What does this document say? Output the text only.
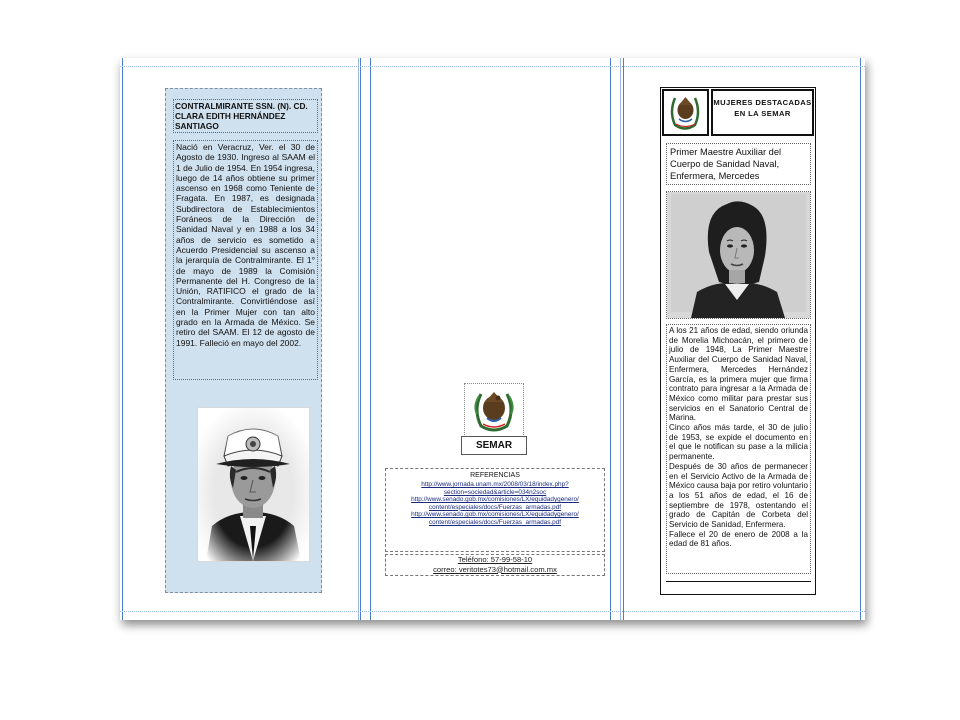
CONTRALMIRANTE SSN. (N). CD. CLARA EDITH HERNÁNDEZ SANTIAGO
Nació en Veracruz, Ver. el 30 de Agosto de 1930. Ingreso al SAAM el 1 de Julio de 1954. En 1954 ingresa, luego de 14 años obtiene su primer ascenso en 1968 como Teniente de Fragata. En 1987, es designada Subdirectora de Establecimientos Foráneos de la Dirección de Sanidad Naval y en 1988 a los 34 años de servicio es sometido a Acuerdo Presidencial su ascenso a la jerarquía de Contralmirante. El 1° de mayo de 1989 la Comisión Permanente del H. Congreso de la Unión, RATIFICO el grado de la Contralmirante. Convirtiéndose así en la Primer Mujer con tan alto grado en la Armada de México. Se retiro del SAAM. El 12 de agosto de 1991. Falleció en mayo del 2002.
SEMAR
REFERENCIAS
http://www.jornada.unam.mx/2008/03/18/index.php?
section=sociedad&article=034n2soc
http://www.senado.gob.mx/comisiones/LX/equidadygenero/
content/especiales/docs/Fuerzas_armadas.pdf
http://www.senado.gob.mx/comisiones/LX/equidadygenero/
content/especiales/docs/Fuerzas_armadas.pdf
Teléfono: 57-99-58-10
correo: veritotes73@hotmail.com.mx
MUJERES DESTACADAS EN LA SEMAR
Primer Maestre Auxiliar del Cuerpo de Sanidad Naval, Enfermera, Mercedes

A los 21 años de edad, siendo oriunda de Morelia Michoacán, el primero de julio de 1948, La Primer Maestre Auxiliar del Cuerpo de Sanidad Naval, Enfermera, Mercedes Hernández García, es la primera mujer que firma contrato para ingresar a la Armada de México como militar para prestar sus servicios en el Sanatorio Central de Marina.

Cinco años más tarde, el 30 de julio de 1953, se expide el documento en el que le notifican su pase a la milicia permanente.

Después de 30 años de permanecer en el Servicio Activo de la Armada de México causa baja por retiro voluntario a los 51 años de edad, el 16 de septiembre de 1978, ostentando el grado de Capitán de Corbeta del Servicio de Sanidad, Enfermera.

Fallece el 20 de enero de 2008 a la edad de 81 años.
